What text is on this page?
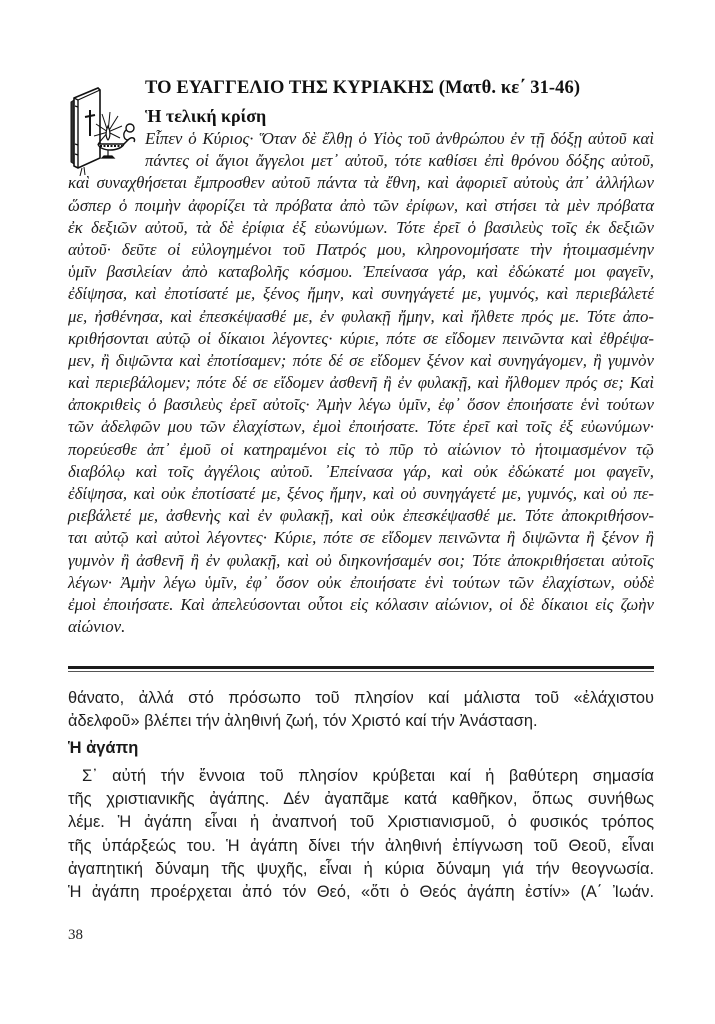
ΤΟ ΕΥΑΓΓΕΛΙΟ ΤΗΣ ΚΥΡΙΑΚΗΣ (Ματθ. κε΄ 31-46)
Ἡ τελική κρίση
Εἶπεν ὁ Κύριος· Ὅταν δὲ ἔλθῃ ὁ Υἱὸς τοῦ ἀνθρώπου ἐν τῇ δόξῃ αὐτοῦ καὶ
πάντες οἱ ἅγιοι ἄγγελοι μετ᾽ αὐτοῦ, τότε καθίσει ἐπὶ θρόνου δόξης αὐτοῦ,
καὶ συναχθήσεται ἔμπροσθεν αὐτοῦ πάντα τὰ ἔθνη, καὶ ἀφοριεῖ αὐτοὺς ἀπ᾽ ἀλλήλων
ὥσπερ ὁ ποιμὴν ἀφορίζει τὰ πρόβατα ἀπὸ τῶν ἐρίφων, καὶ στήσει τὰ μὲν πρόβατα
ἐκ δεξιῶν αὐτοῦ, τὰ δὲ ἐρίφια ἐξ εὐωνύμων. Τότε ἐρεῖ ὁ βασιλεὺς τοῖς ἐκ δεξιῶν
αὐτοῦ· δεῦτε οἱ εὐλογημένοι τοῦ Πατρός μου, κληρονομήσατε τὴν ἡτοιμασμένην
ὑμῖν βασιλείαν ἀπὸ καταβολῆς κόσμου. Ἐπείνασα γάρ, καὶ ἐδώκατέ μοι φαγεῖν,
ἐδίψησα, καὶ ἐποτίσατέ με, ξένος ἤμην, καὶ συνηγάγετέ με, γυμνός, καὶ περιεβάλετέ
με, ἠσθένησα, καὶ ἐπεσκέψασθέ με, ἐν φυλακῇ ἤμην, καὶ ἤλθετε πρός με. Τότε ἀπο-
κριθήσονται αὐτῷ οἱ δίκαιοι λέγοντες· κύριε, πότε σε εἴδομεν πεινῶντα καὶ ἐθρέψα-
μεν, ἢ διψῶντα καὶ ἐποτίσαμεν; πότε δέ σε εἴδομεν ξένον καὶ συνηγάγομεν, ἢ γυμνὸν
καὶ περιεβάλομεν; πότε δέ σε εἴδομεν ἀσθενῆ ἢ ἐν φυλακῇ, καὶ ἤλθομεν πρός σε; Καὶ
ἀποκριθεὶς ὁ βασιλεὺς ἐρεῖ αὐτοῖς· Ἀμὴν λέγω ὑμῖν, ἐφ᾽ ὅσον ἐποιήσατε ἑνὶ τούτων
τῶν ἀδελφῶν μου τῶν ἐλαχίστων, ἐμοὶ ἐποιήσατε. Τότε ἐρεῖ καὶ τοῖς ἐξ εὐωνύμων·
πορεύεσθε ἀπ᾽ ἐμοῦ οἱ κατηραμένοι εἰς τὸ πῦρ τὸ αἰώνιον τὸ ἡτοιμασμένον τῷ
διαβόλῳ καὶ τοῖς ἀγγέλοις αὐτοῦ. ᾽Επείνασα γάρ, καὶ οὐκ ἐδώκατέ μοι φαγεῖν,
ἐδίψησα, καὶ οὐκ ἐποτίσατέ με, ξένος ἤμην, καὶ οὐ συνηγάγετέ με, γυμνός, καὶ οὐ πε-
ριεβάλετέ με, ἀσθενὴς καὶ ἐν φυλακῇ, καὶ οὐκ ἐπεσκέψασθέ με. Τότε ἀποκριθήσον-
ται αὐτῷ καὶ αὐτοὶ λέγοντες· Κύριε, πότε σε εἴδομεν πεινῶντα ἢ διψῶντα ἢ ξένον ἢ
γυμνὸν ἢ ἀσθενῆ ἢ ἐν φυλακῇ, καὶ οὐ διηκονήσαμέν σοι; Τότε ἀποκριθήσεται αὐτοῖς
λέγων· Ἀμὴν λέγω ὑμῖν, ἐφ᾽ ὅσον οὐκ ἐποιήσατε ἑνὶ τούτων τῶν ἐλαχίστων, οὐδὲ
ἐμοὶ ἐποιήσατε. Καὶ ἀπελεύσονται οὗτοι εἰς κόλασιν αἰώνιον, οἱ δὲ δίκαιοι εἰς ζωὴν
αἰώνιον.
θάνατο, ἀλλά στό πρόσωπο τοῦ πλησίον καί μάλιστα τοῦ «ἐλάχιστου
ἀδελφοῦ» βλέπει τήν ἀληθινή ζωή, τόν Χριστό καί τήν Ἀνάσταση.
Ἡ ἀγάπη
Σ᾽ αὐτή τήν ἔννοια τοῦ πλησίον κρύβεται καί ἡ βαθύτερη σημασία
τῆς χριστιανικῆς ἀγάπης. Δέν ἀγαπᾶμε κατά καθῆκον, ὅπως συνήθως
λέμε. Ἡ ἀγάπη εἶναι ἡ ἀναπνοή τοῦ Χριστιανισμοῦ, ὁ φυσικός τρόπος
τῆς ὑπάρξεώς του. Ἡ ἀγάπη δίνει τήν ἀληθινή ἐπίγνωση τοῦ Θεοῦ, εἶναι
ἀγαπητική δύναμη τῆς ψυχῆς, εἶναι ἡ κύρια δύναμη γιά τήν θεογνωσία.
Ἡ ἀγάπη προέρχεται ἀπό τόν Θεό, «ὅτι ὁ Θεός ἀγάπη ἐστίν» (Α΄ Ἰωάν.
38
